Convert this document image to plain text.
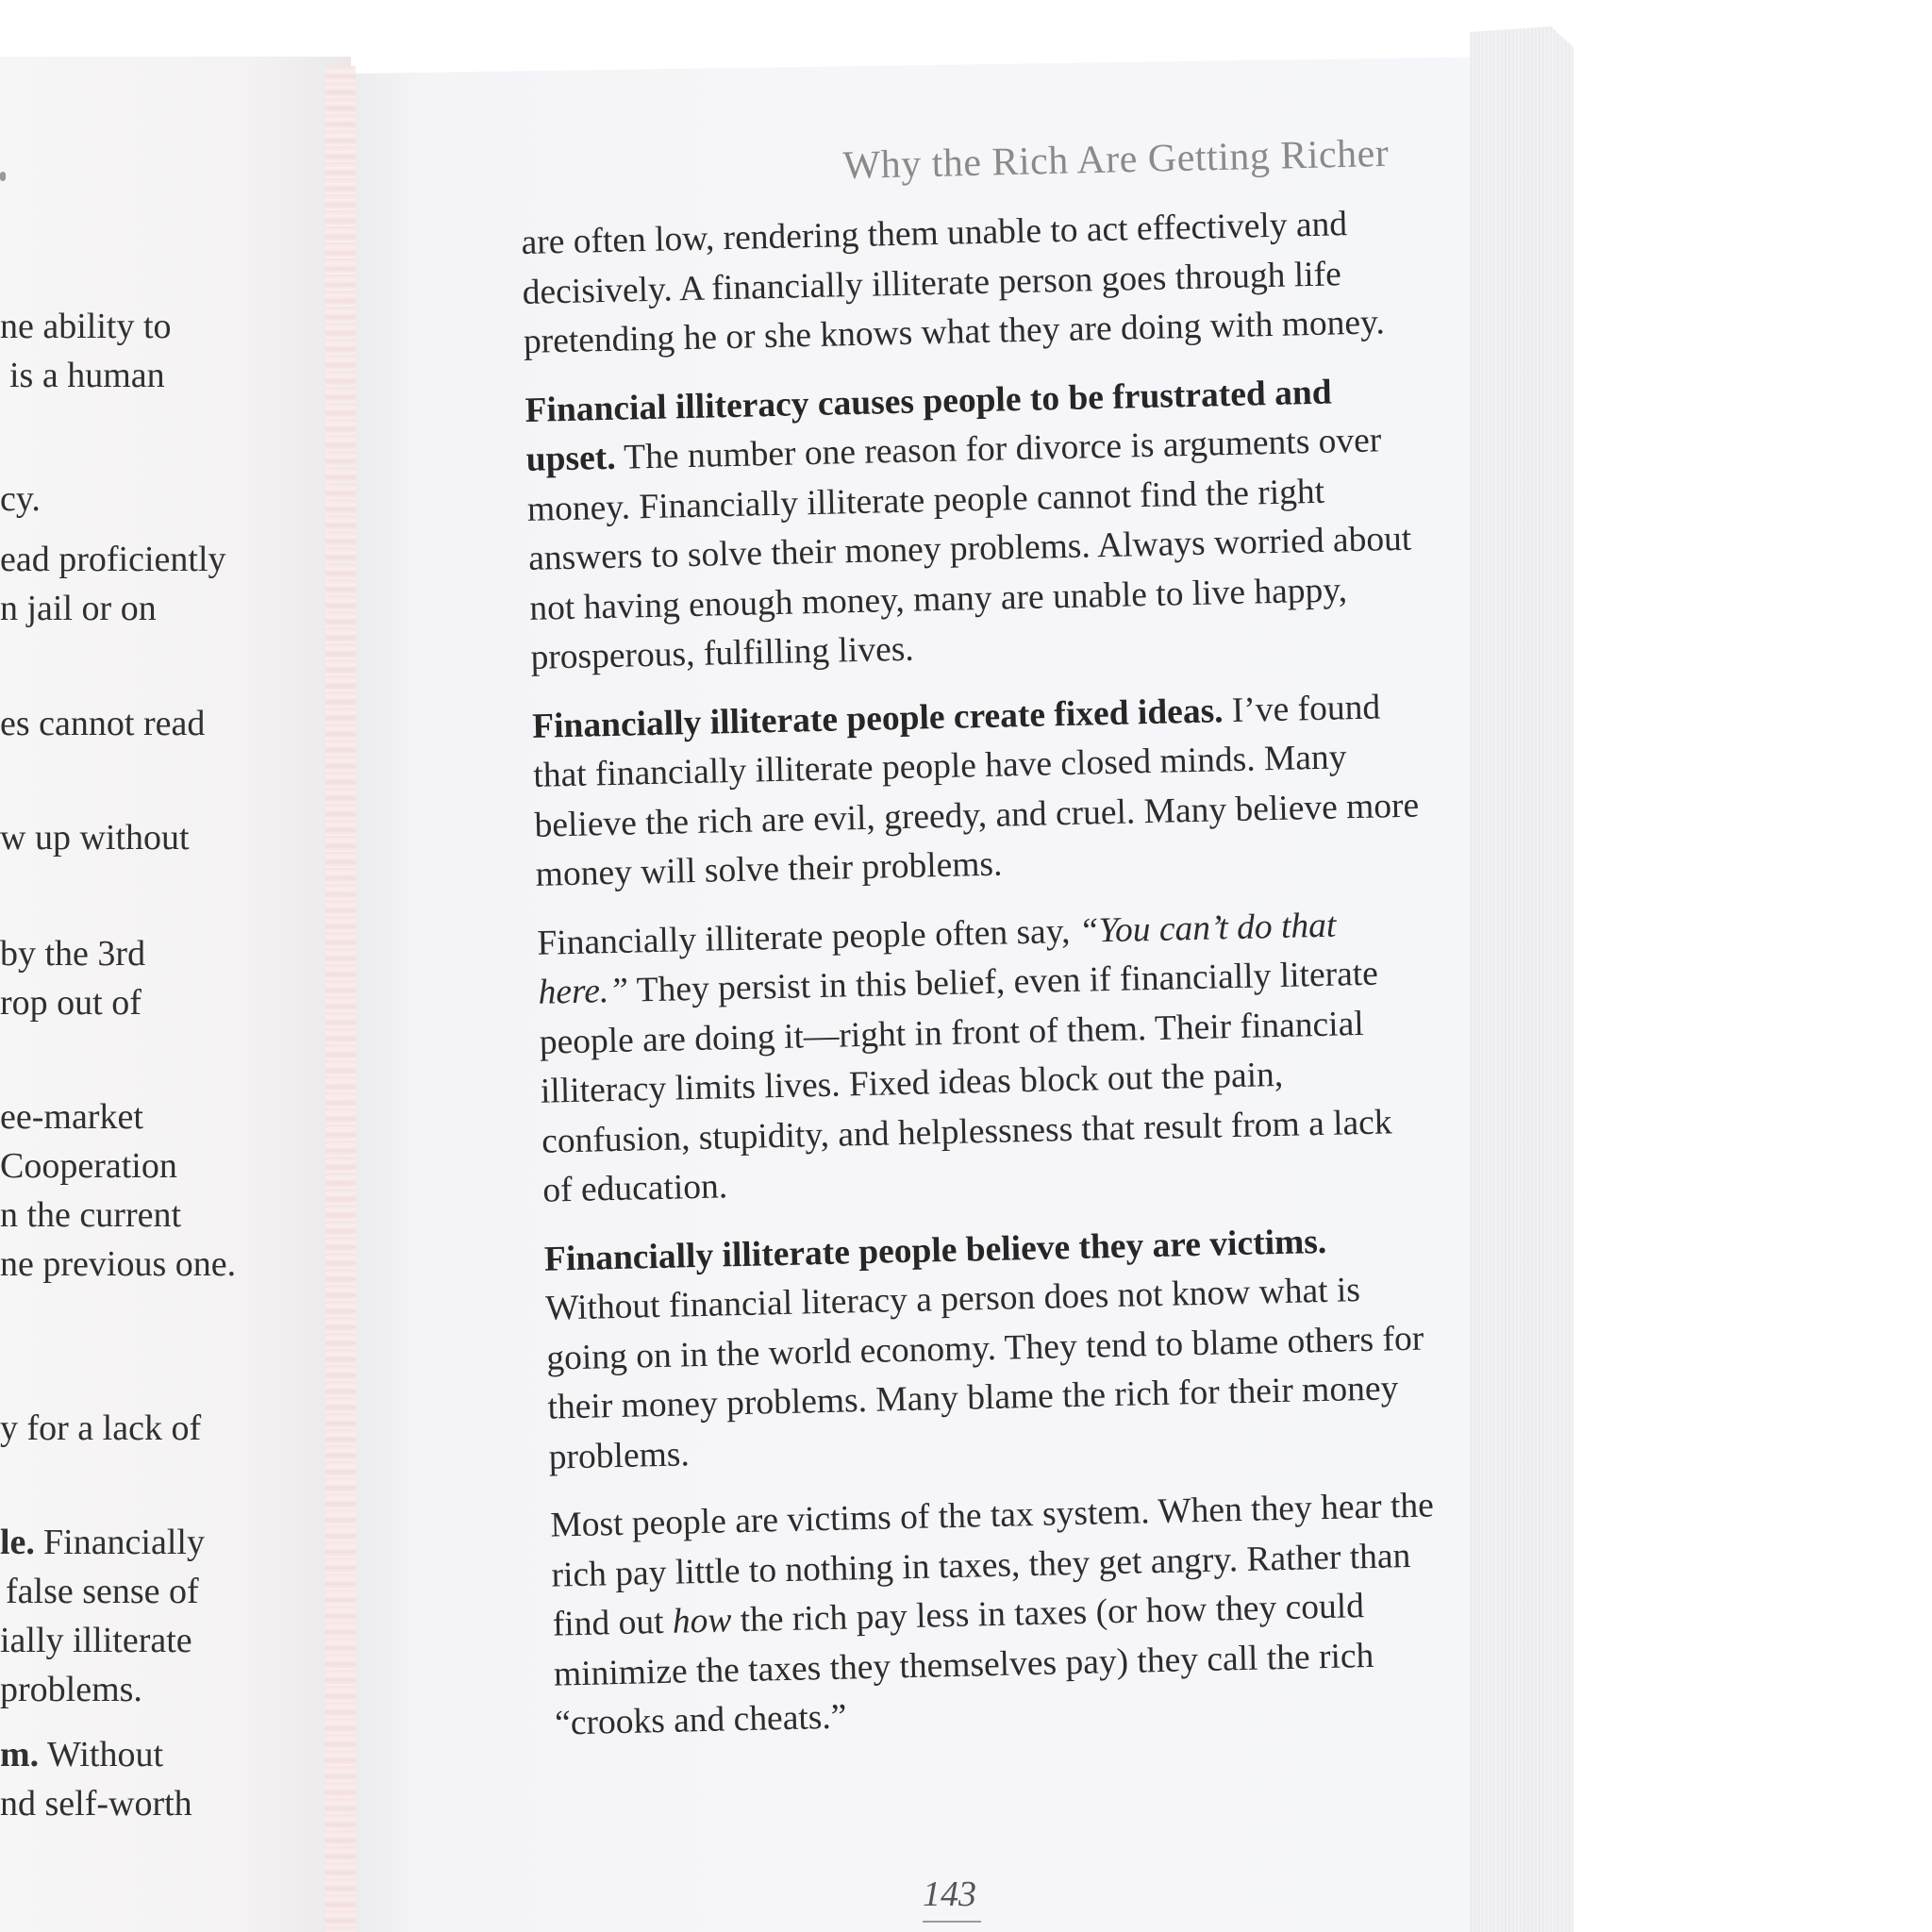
ne ability to
is a human
cy.
ead proficiently
n jail or on
es cannot read
w up without
by the 3rd
rop out of
ee-market
Cooperation
n the current
ne previous one.
y for a lack of
le. Financially
false sense of
ially illiterate
problems.
m. Without
nd self-worth
Why the Rich Are Getting Richer

are often low, rendering them unable to act effectively and decisively. A financially illiterate person goes through life pretending he or she knows what they are doing with money.

Financial illiteracy causes people to be frustrated and upset. The number one reason for divorce is arguments over money. Financially illiterate people cannot find the right answers to solve their money problems. Always worried about not having enough money, many are unable to live happy, prosperous, fulfilling lives.

Financially illiterate people create fixed ideas. I’ve found that financially illiterate people have closed minds. Many believe the rich are evil, greedy, and cruel. Many believe more money will solve their problems.

Financially illiterate people often say, “You can’t do that here.” They persist in this belief, even if financially literate people are doing it—right in front of them. Their financial illiteracy limits lives. Fixed ideas block out the pain, confusion, stupidity, and helplessness that result from a lack of education.

Financially illiterate people believe they are victims. Without financial literacy a person does not know what is going on in the world economy. They tend to blame others for their money problems. Many blame the rich for their money problems.

Most people are victims of the tax system. When they hear the rich pay little to nothing in taxes, they get angry. Rather than find out how the rich pay less in taxes (or how they could minimize the taxes they themselves pay) they call the rich “crooks and cheats.”

143
